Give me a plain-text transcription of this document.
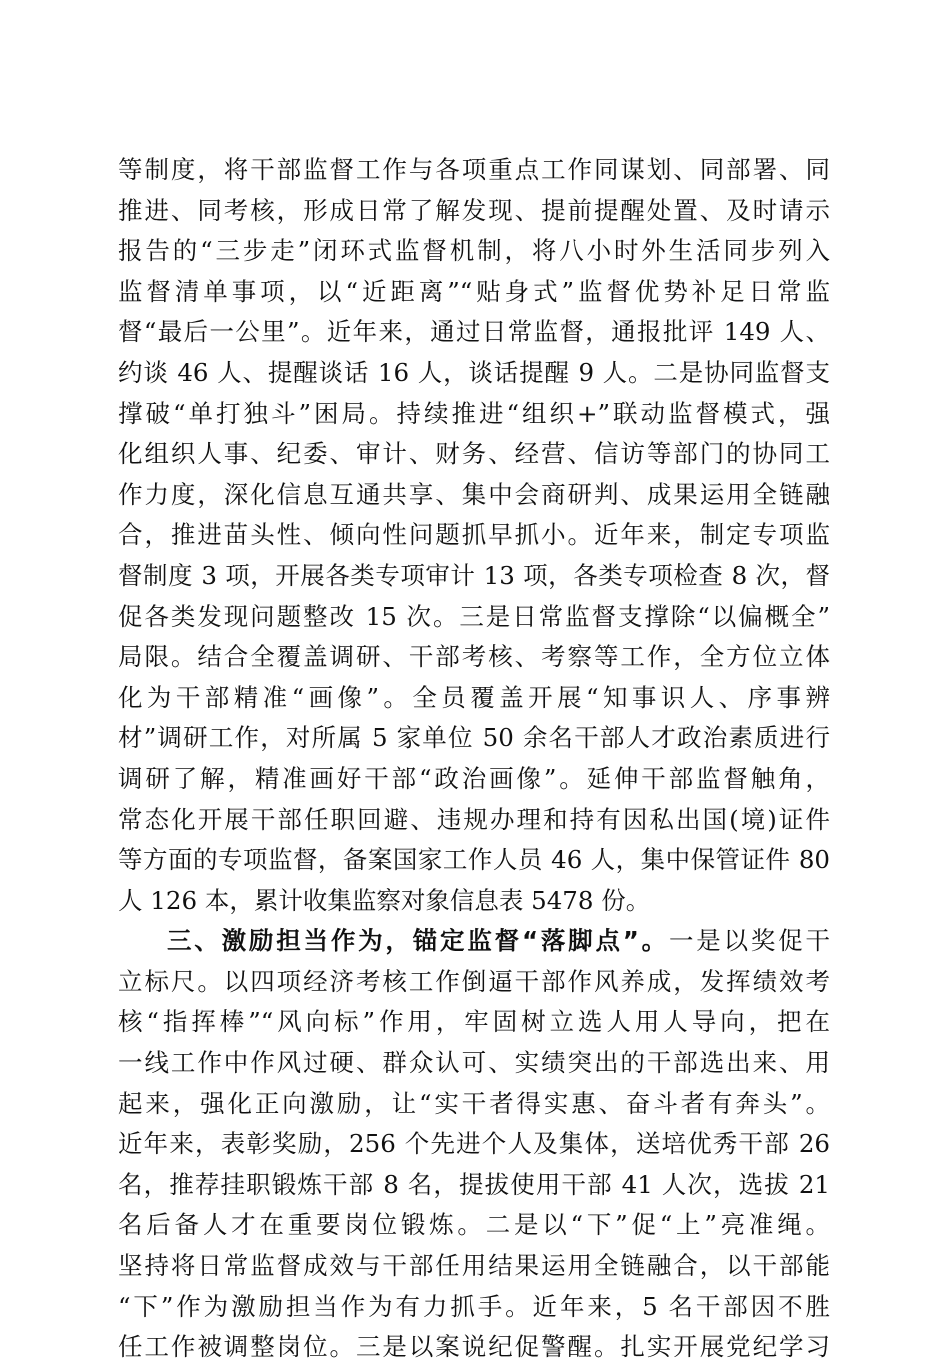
等制度，将干部监督工作与各项重点工作同谋划、同部署、同
推进、同考核，形成日常了解发现、提前提醒处置、及时请示
报告的“三步走”闭环式监督机制，将八小时外生活同步列入
监督清单事项，以“近距离”“贴身式”监督优势补足日常监
督“最后一公里”。近年来，通过日常监督，通报批评 149 人、
约谈 46 人、提醒谈话 16 人，谈话提醒 9 人。二是协同监督支
撑破“单打独斗”困局。持续推进“组织+”联动监督模式，强
化组织人事、纪委、审计、财务、经营、信访等部门的协同工
作力度，深化信息互通共享、集中会商研判、成果运用全链融
合，推进苗头性、倾向性问题抓早抓小。近年来，制定专项监
督制度 3 项，开展各类专项审计 13 项，各类专项检查 8 次，督
促各类发现问题整改 15 次。三是日常监督支撑除“以偏概全”
局限。结合全覆盖调研、干部考核、考察等工作，全方位立体
化为干部精准“画像”。全员覆盖开展“知事识人、序事辨
材”调研工作，对所属 5 家单位 50 余名干部人才政治素质进行
调研了解，精准画好干部“政治画像”。延伸干部监督触角，
常态化开展干部任职回避、违规办理和持有因私出国(境)证件
等方面的专项监督，备案国家工作人员 46 人，集中保管证件 80
人 126 本，累计收集监察对象信息表 5478 份。
三、激励担当作为，锚定监督“落脚点”。一是以奖促干
立标尺。以四项经济考核工作倒逼干部作风养成，发挥绩效考
核“指挥棒”“风向标”作用，牢固树立选人用人导向，把在
一线工作中作风过硬、群众认可、实绩突出的干部选出来、用
起来，强化正向激励，让“实干者得实惠、奋斗者有奔头”。
近年来，表彰奖励，256 个先进个人及集体，送培优秀干部 26
名，推荐挂职锻炼干部 8 名，提拔使用干部 41 人次，选拔 21
名后备人才在重要岗位锻炼。二是以“下”促“上”亮准绳。
坚持将日常监督成效与干部任用结果运用全链融合，以干部能
“下”作为激励担当作为有力抓手。近年来，5 名干部因不胜
任工作被调整岗位。三是以案说纪促警醒。扎实开展党纪学习
